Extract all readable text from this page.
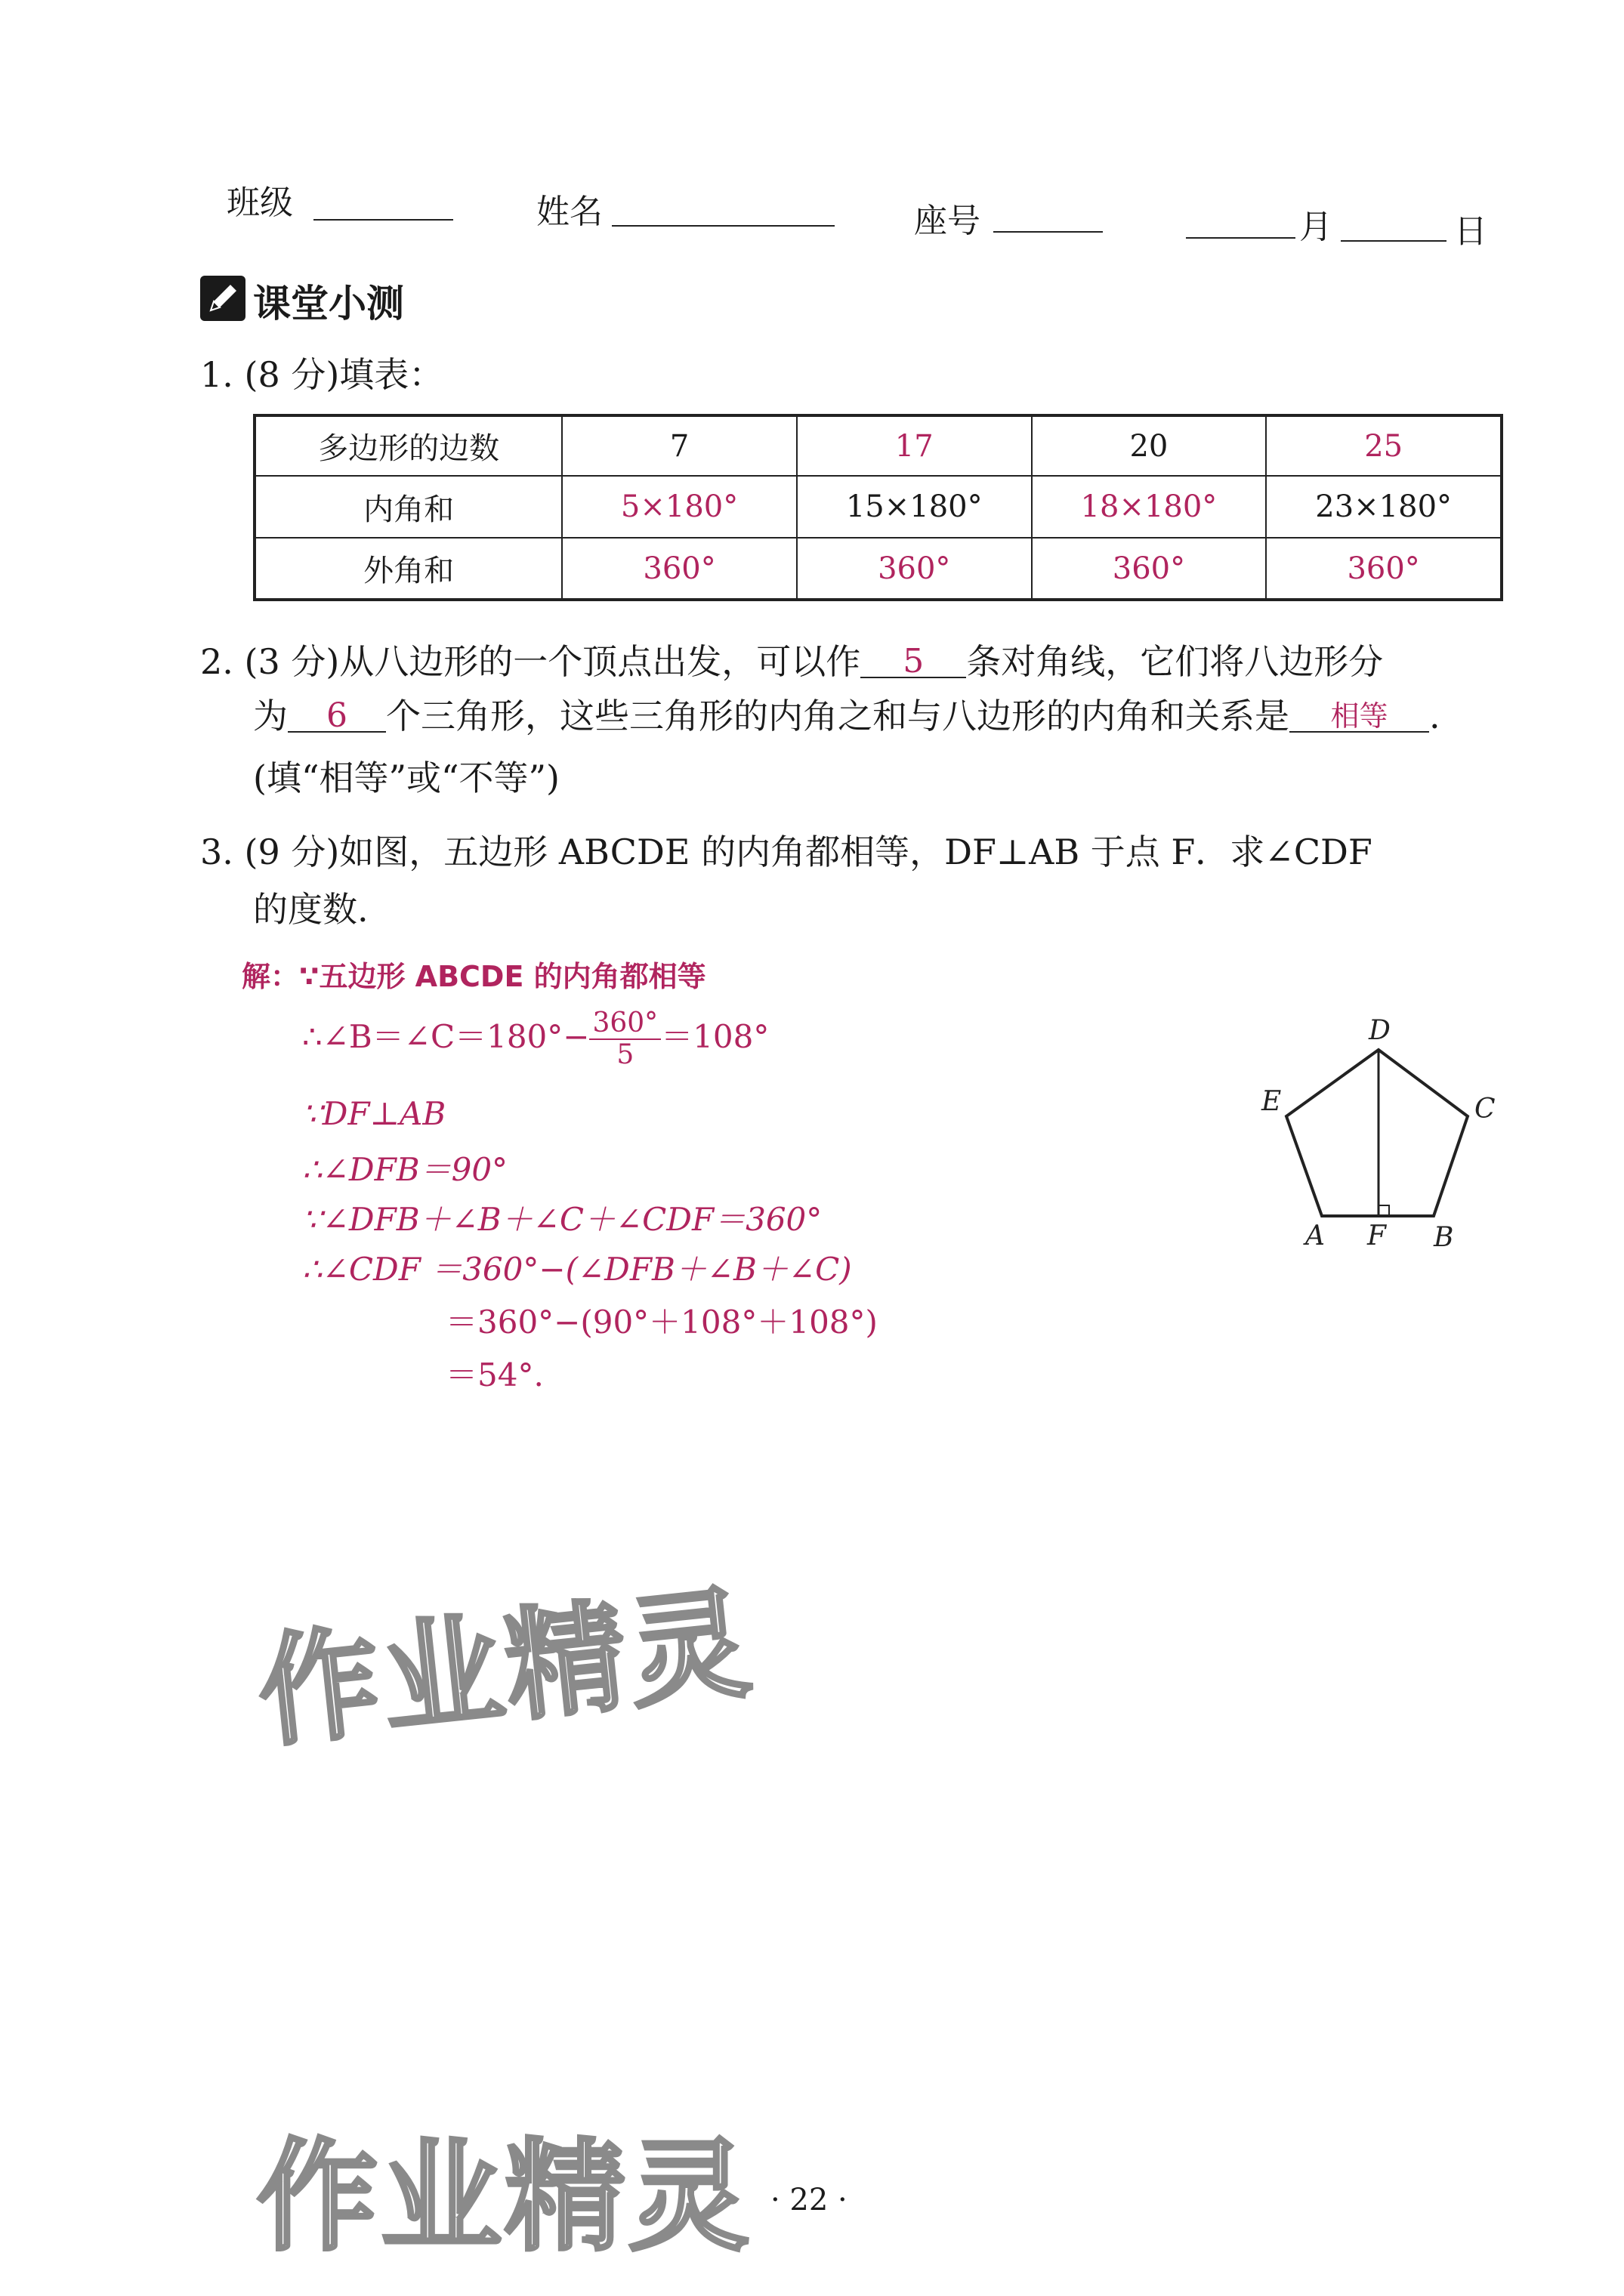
班级	姓名	座号	月	日
课堂小测
1. (8 分)填表：
多边形的边数	7	17	20	25
内角和	5×180°	15×180°	18×180°	23×180°
外角和	360°	360°	360°	360°
2. (3 分)从八边形的一个顶点出发，可以作	5	条对角线，它们将八边形分
为	6	个三角形，这些三角形的内角之和与八边形的内角和关系是	相等	.
(填“相等”或“不等”)
3. (9 分)如图，五边形 ABCDE 的内角都相等，DF⊥AB 于点 F．求∠CDF
的度数.
解：∵五边形 ABCDE 的内角都相等
∴∠B＝∠C＝180°− $\frac{360^\circ}{5} =108^\circ$
∵DF⊥AB
∴∠DFB＝90°
∵∠DFB＋∠B＋∠C＋∠CDF＝360°
∴∠CDF ＝360°−(∠DFB＋∠B＋∠C)
＝360°−(90°＋108°＋108°)
＝54°.
D
C
E
A F B
作业精灵
作业精灵 · 22 ·
